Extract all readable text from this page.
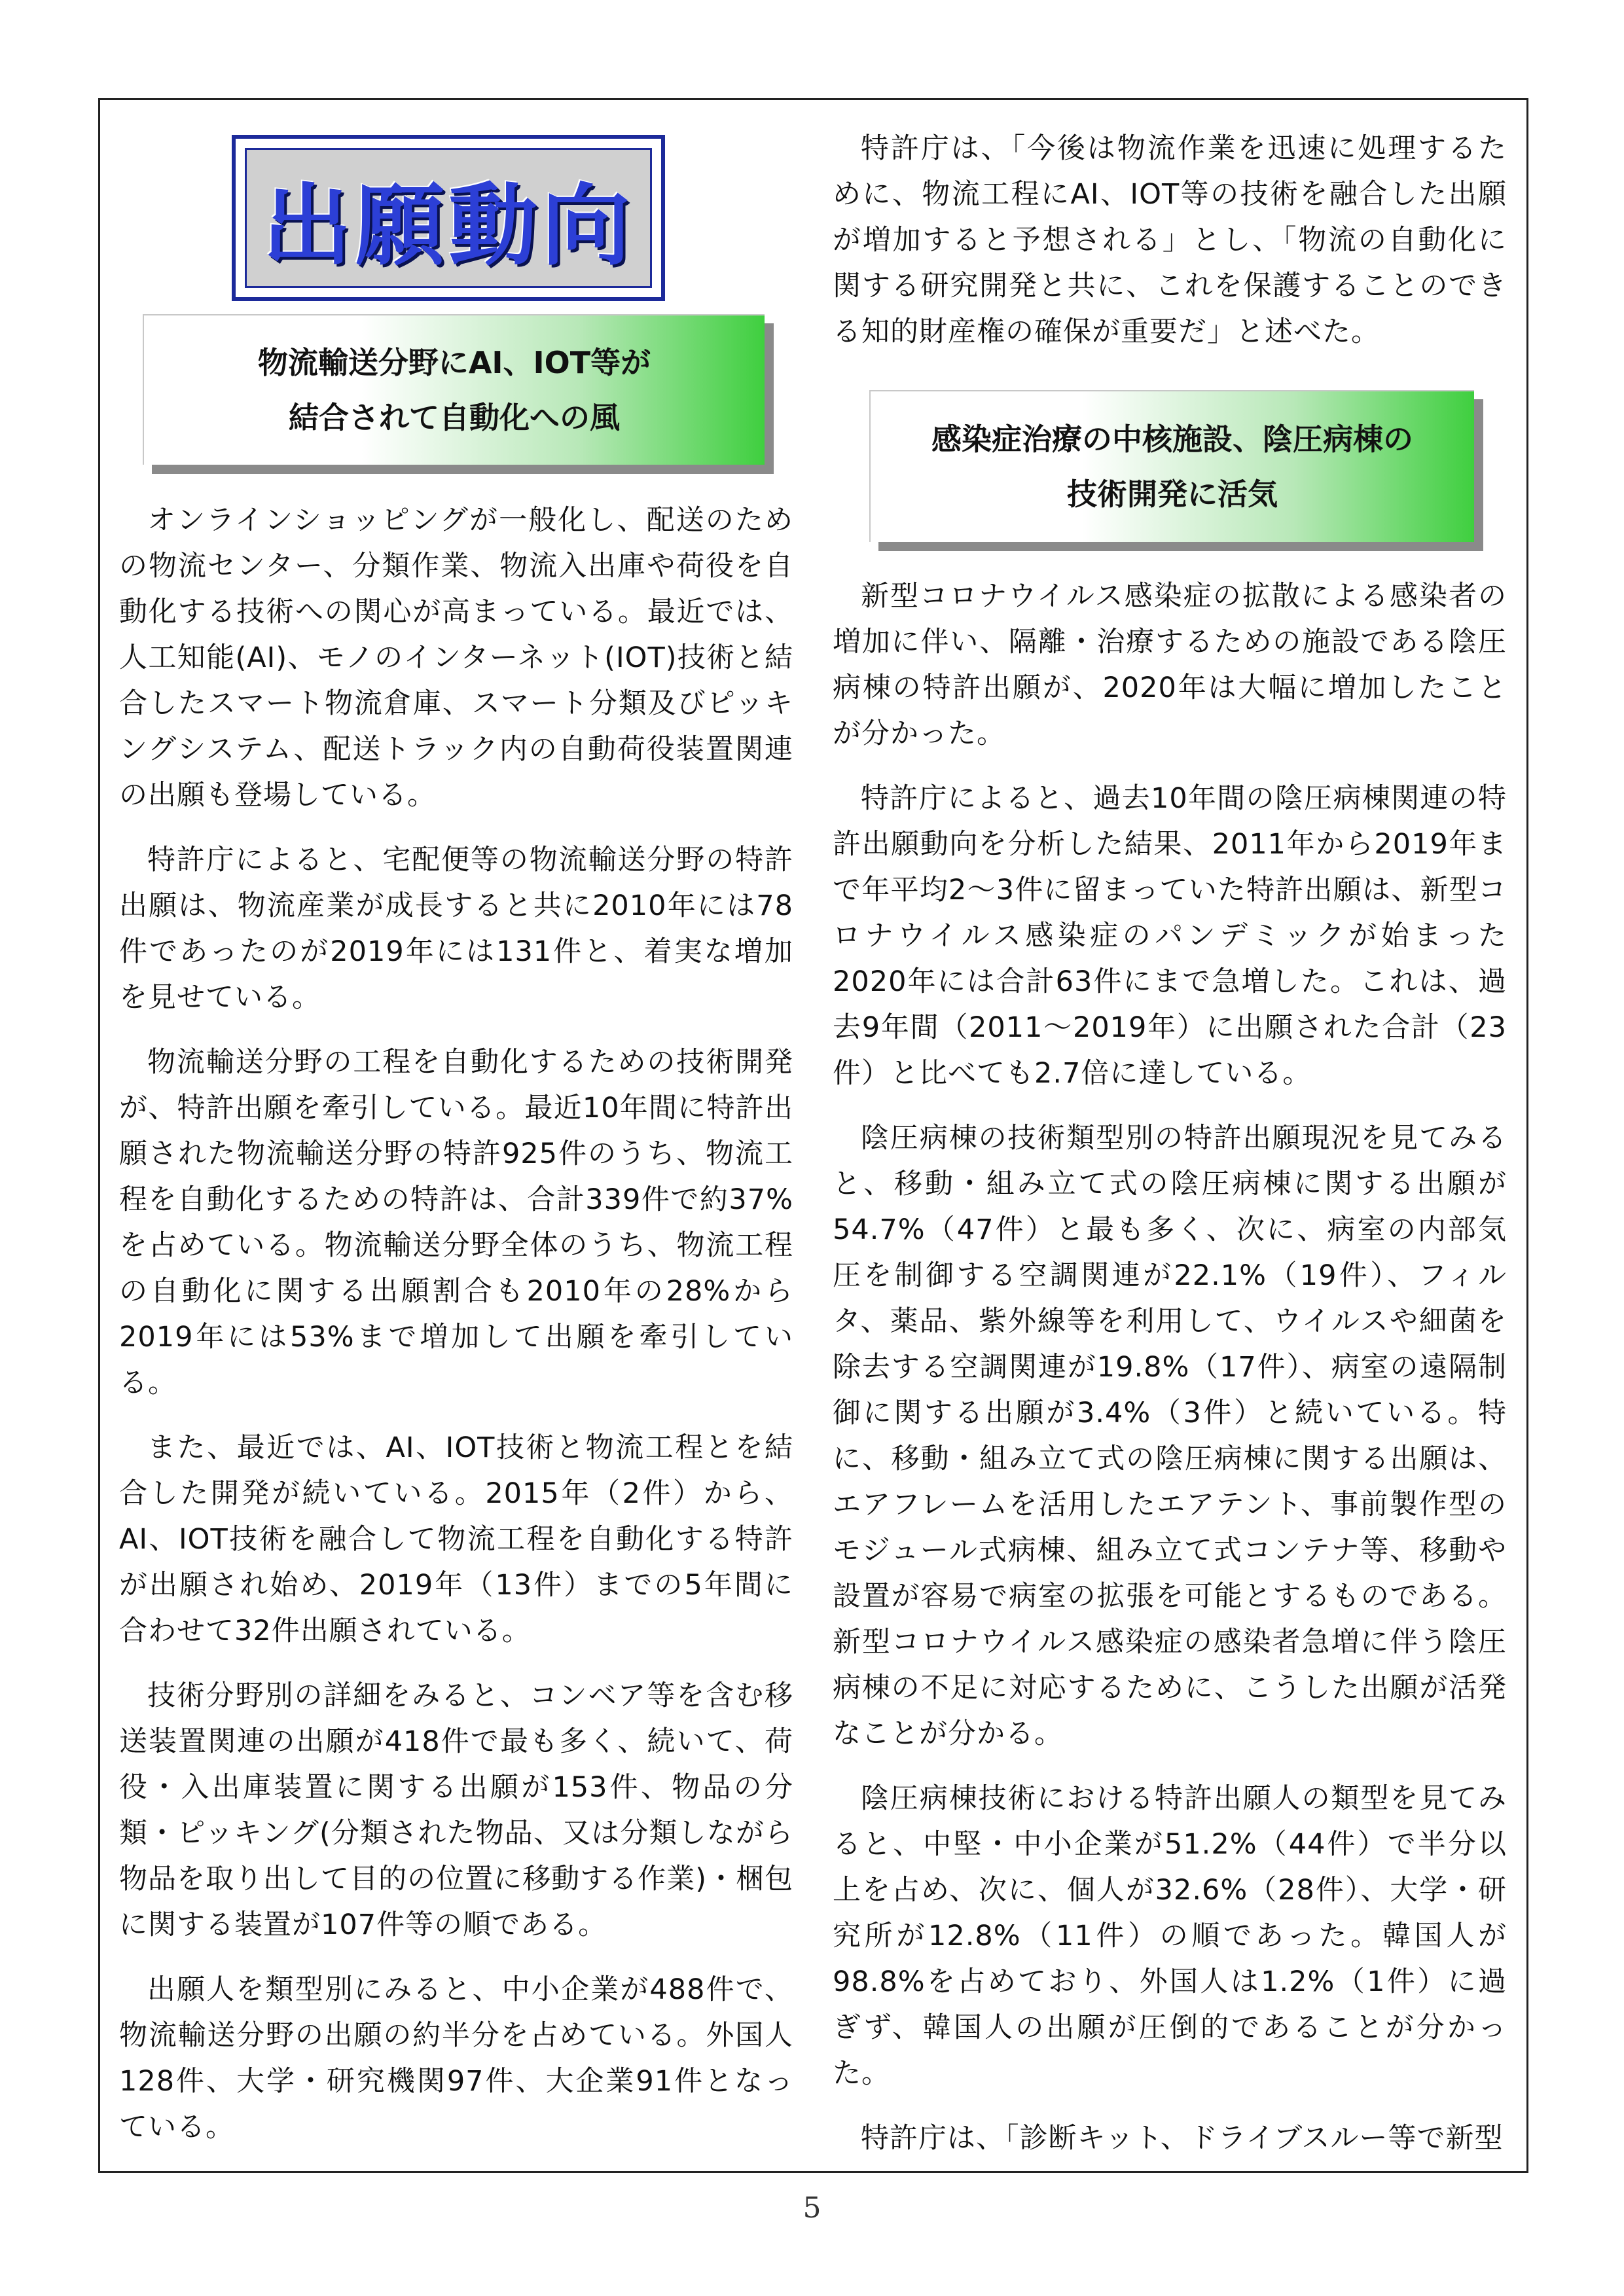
出願動向
物流輸送分野にAI、IOT等が
結合されて自動化への風

オンラインショッピングが一般化し、配送のための物流センター、分類作業、物流入出庫や荷役を自動化する技術への関心が高まっている。最近では、人工知能(AI)、モノのインターネット(IOT)技術と結合したスマート物流倉庫、スマート分類及びピッキングシステム、配送トラック内の自動荷役装置関連の出願も登場している。

特許庁によると、宅配便等の物流輸送分野の特許出願は、物流産業が成長すると共に2010年には78件であったのが2019年には131件と、着実な増加を見せている。

物流輸送分野の工程を自動化するための技術開発が、特許出願を牽引している。最近10年間に特許出願された物流輸送分野の特許925件のうち、物流工程を自動化するための特許は、合計339件で約37%を占めている。物流輸送分野全体のうち、物流工程の自動化に関する出願割合も2010年の28%から2019年には53%まで増加して出願を牽引している。

また、最近では、AI、IOT技術と物流工程とを結合した開発が続いている。2015年（2件）から、AI、IOT技術を融合して物流工程を自動化する特許が出願され始め、2019年（13件）までの5年間に合わせて32件出願されている。

技術分野別の詳細をみると、コンベア等を含む移送装置関連の出願が418件で最も多く、続いて、荷役・入出庫装置に関する出願が153件、物品の分類・ピッキング(分類された物品、又は分類しながら物品を取り出して目的の位置に移動する作業)・梱包に関する装置が107件等の順である。

出願人を類型別にみると、中小企業が488件で、物流輸送分野の出願の約半分を占めている。外国人128件、大学・研究機関97件、大企業91件となっている。

特許庁は、「今後は物流作業を迅速に処理するために、物流工程にAI、IOT等の技術を融合した出願が増加すると予想される」とし、「物流の自動化に関する研究開発と共に、これを保護することのできる知的財産権の確保が重要だ」と述べた。

感染症治療の中核施設、陰圧病棟の
技術開発に活気

新型コロナウイルス感染症の拡散による感染者の増加に伴い、隔離・治療するための施設である陰圧病棟の特許出願が、2020年は大幅に増加したことが分かった。

特許庁によると、過去10年間の陰圧病棟関連の特許出願動向を分析した結果、2011年から2019年まで年平均2～3件に留まっていた特許出願は、新型コロナウイルス感染症のパンデミックが始まった2020年には合計63件にまで急増した。これは、過去9年間（2011～2019年）に出願された合計（23件）と比べても2.7倍に達している。

陰圧病棟の技術類型別の特許出願現況を見てみると、移動・組み立て式の陰圧病棟に関する出願が54.7%（47件）と最も多く、次に、病室の内部気圧を制御する空調関連が22.1%（19件）、フィルタ、薬品、紫外線等を利用して、ウイルスや細菌を除去する空調関連が19.8%（17件）、病室の遠隔制御に関する出願が3.4%（3件）と続いている。特に、移動・組み立て式の陰圧病棟に関する出願は、エアフレームを活用したエアテント、事前製作型のモジュール式病棟、組み立て式コンテナ等、移動や設置が容易で病室の拡張を可能とするものである。新型コロナウイルス感染症の感染者急増に伴う陰圧病棟の不足に対応するために、こうした出願が活発なことが分かる。

陰圧病棟技術における特許出願人の類型を見てみると、中堅・中小企業が51.2%（44件）で半分以上を占め、次に、個人が32.6%（28件）、大学・研究所が12.8%（11件）の順であった。韓国人が98.8%を占めており、外国人は1.2%（1件）に過ぎず、韓国人の出願が圧倒的であることが分かった。

特許庁は、「診断キット、ドライブスルー等で新型

5
